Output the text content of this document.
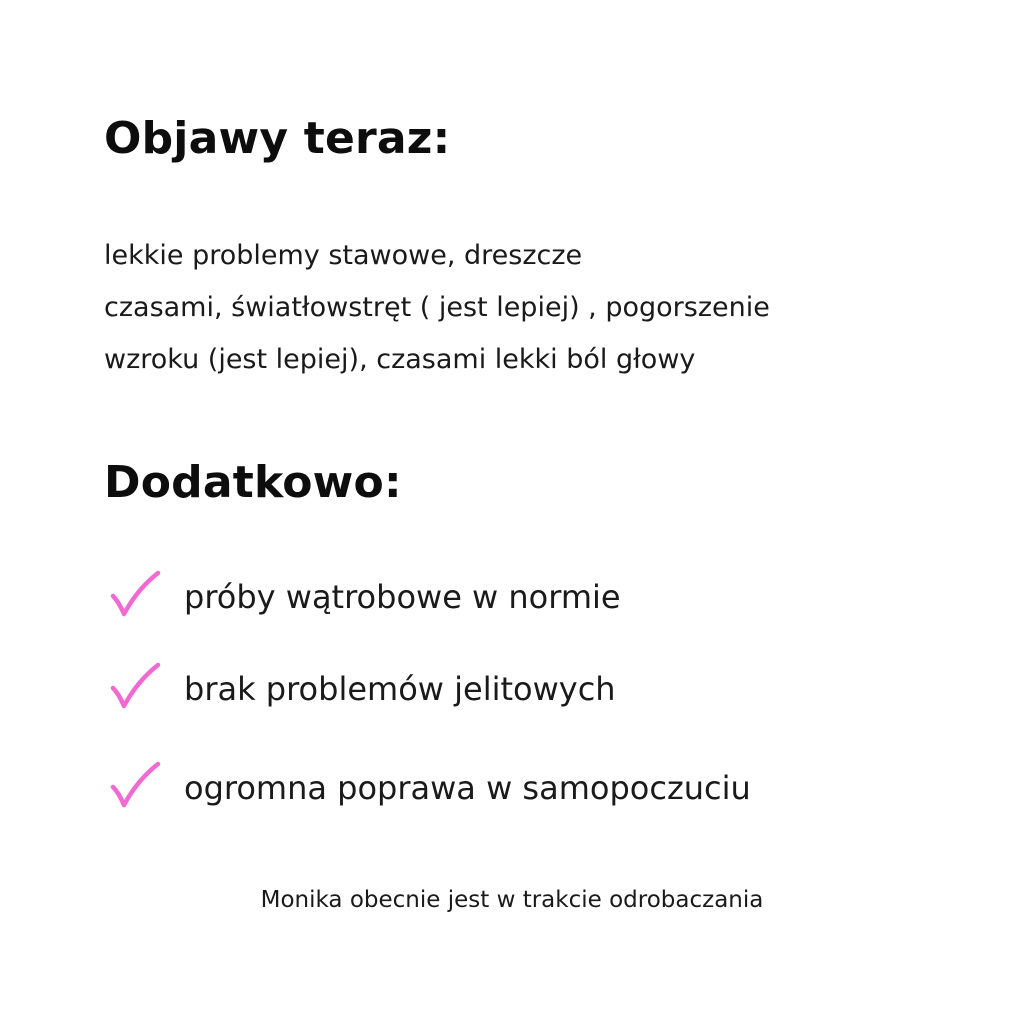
Objawy teraz:

lekkie problemy stawowe, dreszcze
czasami, światłowstręt ( jest lepiej) , pogorszenie
wzroku (jest lepiej), czasami lekki ból głowy

Dodatkowo:
próby wątrobowe w normie
brak problemów jelitowych
ogromna poprawa w samopoczuciu
Monika obecnie jest w trakcie odrobaczania
